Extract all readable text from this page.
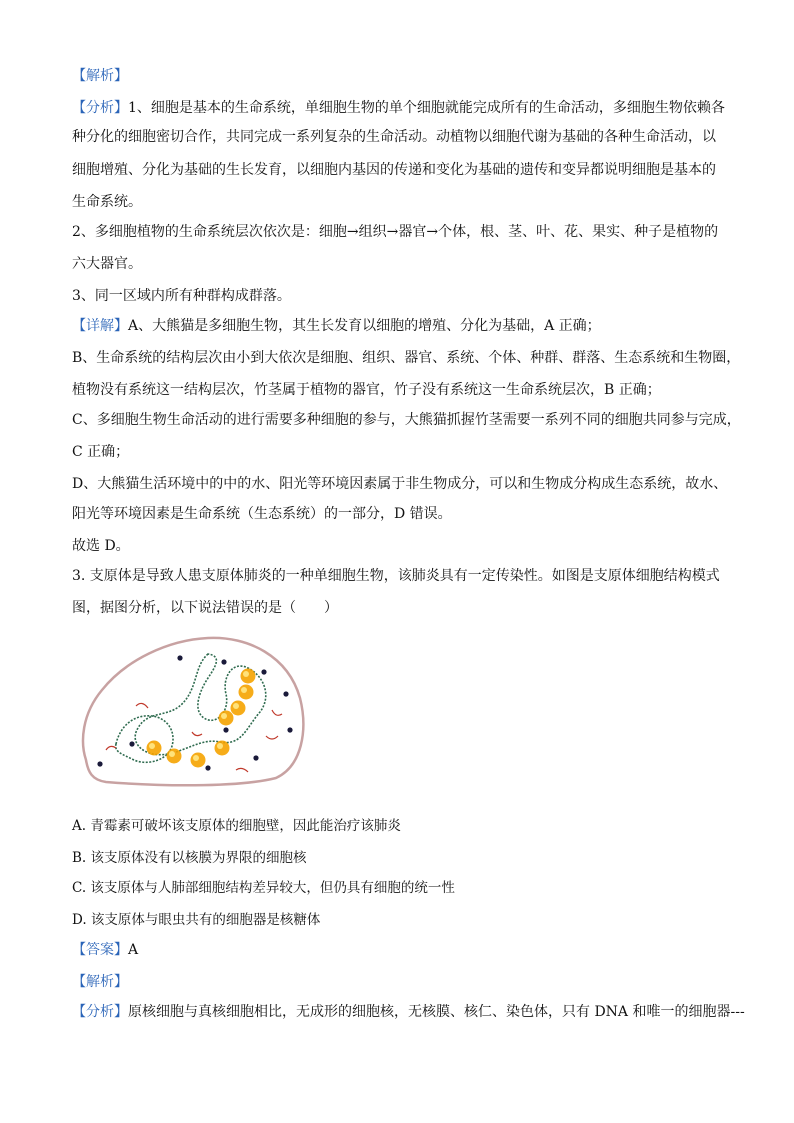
【解析】
【分析】1、细胞是基本的生命系统，单细胞生物的单个细胞就能完成所有的生命活动，多细胞生物依赖各
种分化的细胞密切合作，共同完成一系列复杂的生命活动。动植物以细胞代谢为基础的各种生命活动，以
细胞增殖、分化为基础的生长发育，以细胞内基因的传递和变化为基础的遗传和变异都说明细胞是基本的
生命系统。
2、多细胞植物的生命系统层次依次是：细胞→组织→器官→个体，根、茎、叶、花、果实、种子是植物的
六大器官。
3、同一区域内所有种群构成群落。
【详解】A、大熊猫是多细胞生物，其生长发育以细胞的增殖、分化为基础，A 正确；
B、生命系统的结构层次由小到大依次是细胞、组织、器官、系统、个体、种群、群落、生态系统和生物圈，
植物没有系统这一结构层次，竹茎属于植物的器官，竹子没有系统这一生命系统层次，B 正确；
C、多细胞生物生命活动的进行需要多种细胞的参与，大熊猫抓握竹茎需要一系列不同的细胞共同参与完成，
C 正确；
D、大熊猫生活环境中的中的水、阳光等环境因素属于非生物成分，可以和生物成分构成生态系统，故水、
阳光等环境因素是生命系统（生态系统）的一部分，D 错误。
故选 D。
3. 支原体是导致人患支原体肺炎的一种单细胞生物，该肺炎具有一定传染性。如图是支原体细胞结构模式
图，据图分析，以下说法错误的是（　　）
A. 青霉素可破坏该支原体的细胞壁，因此能治疗该肺炎
B. 该支原体没有以核膜为界限的细胞核
C. 该支原体与人肺部细胞结构差异较大，但仍具有细胞的统一性
D. 该支原体与眼虫共有的细胞器是核糖体
【答案】A
【解析】
【分析】原核细胞与真核细胞相比，无成形的细胞核，无核膜、核仁、染色体，只有 DNA 和唯一的细胞器---
